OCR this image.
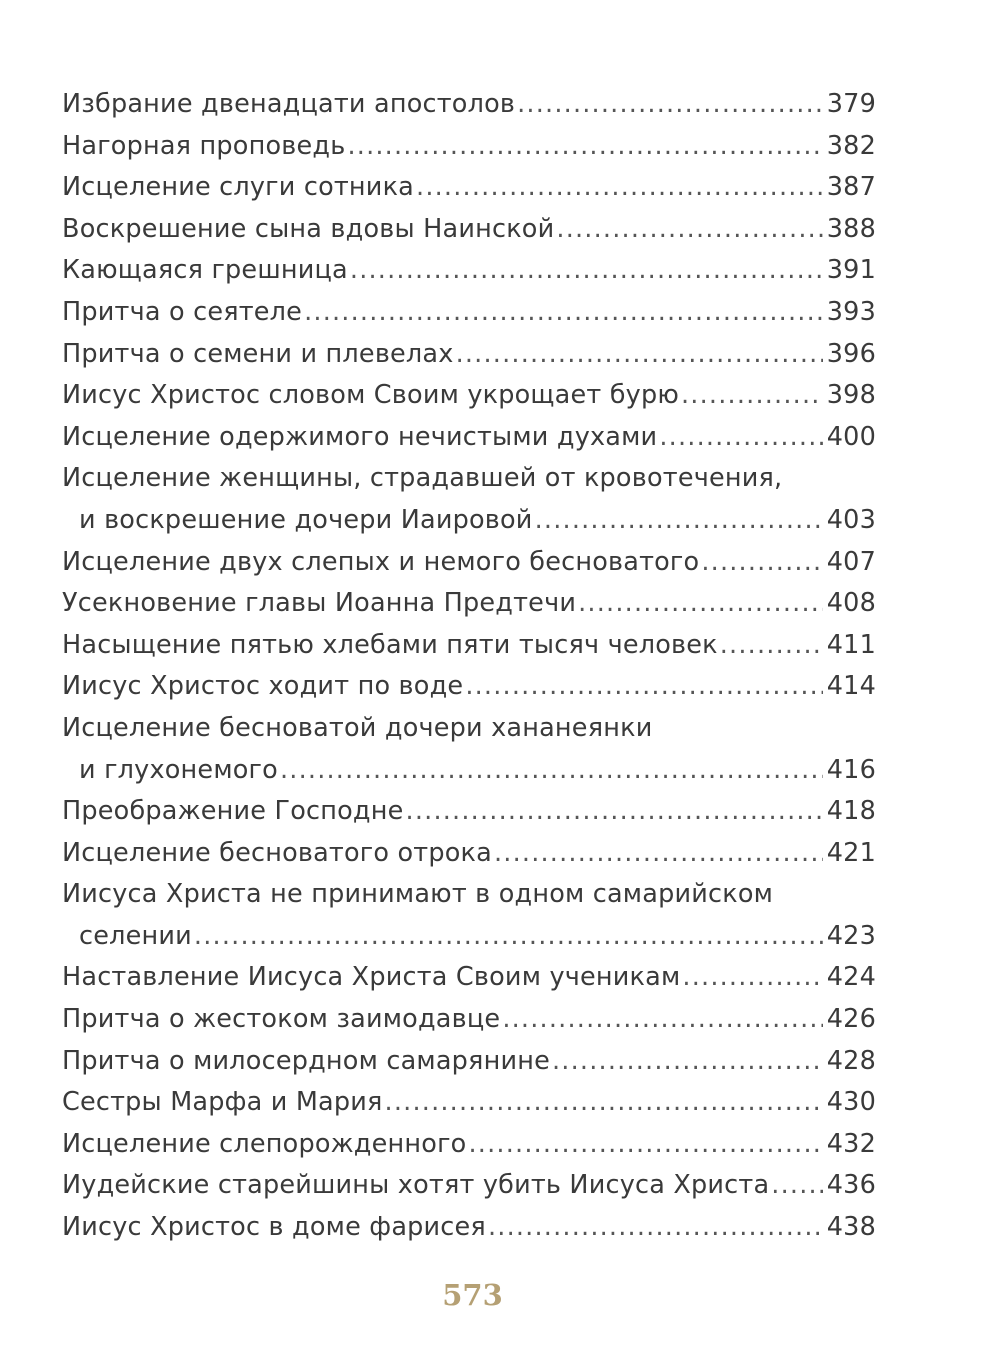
Избрание двенадцати апостолов .....	379
Нагорная проповедь .....	382
Исцеление слуги сотника .....	387
Воскрешение сына вдовы Наинской .....	388
Кающаяся грешница .....	391
Притча о сеятеле .....	393
Притча о семени и плевелах .....	396
Иисус Христос словом Своим укрощает бурю .....	398
Исцеление одержимого нечистыми духами .....	400
Исцеление женщины, страдавшей от кровотечения,
и воскрешение дочери Иаировой .....	403
Исцеление двух слепых и немого бесноватого .....	407
Усекновение главы Иоанна Предтечи .....	408
Насыщение пятью хлебами пяти тысяч человек .....	411
Иисус Христос ходит по воде .....	414
Исцеление бесноватой дочери хананеянки
и глухонемого .....	416
Преображение Господне .....	418
Исцеление бесноватого отрока .....	421
Иисуса Христа не принимают в одном самарийском
селении .....	423
Наставление Иисуса Христа Своим ученикам .....	424
Притча о жестоком заимодавце .....	426
Притча о милосердном самарянине .....	428
Сестры Марфа и Мария .....	430
Исцеление слепорожденного .....	432
Иудейские старейшины хотят убить Иисуса Христа ..... 436
Иисус Христос в доме фарисея .....	438
573
